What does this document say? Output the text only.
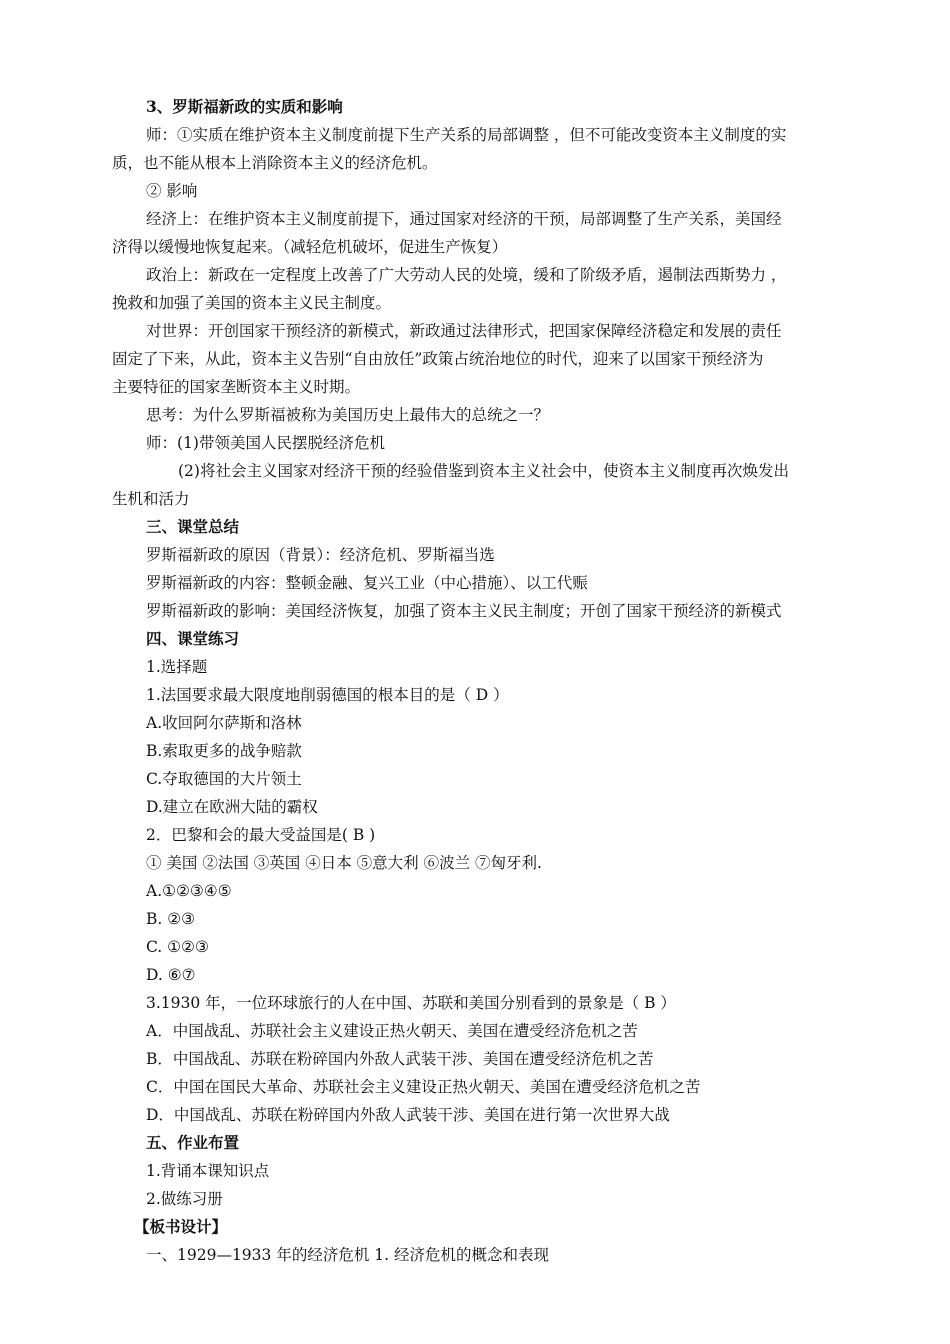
3、罗斯福新政的实质和影响
师：①实质在维护资本主义制度前提下生产关系的局部调整 ，但不可能改变资本主义制度的实
质，也不能从根本上消除资本主义的经济危机。
② 影响
经济上：在维护资本主义制度前提下，通过国家对经济的干预，局部调整了生产关系，美国经
济得以缓慢地恢复起来。（减轻危机破坏，促进生产恢复）
政治上：新政在一定程度上改善了广大劳动人民的处境，缓和了阶级矛盾，遏制法西斯势力 ，
挽救和加强了美国的资本主义民主制度。
对世界：开创国家干预经济的新模式，新政通过法律形式，把国家保障经济稳定和发展的责任
固定了下来，从此，资本主义告别“自由放任”政策占统治地位的时代，迎来了以国家干预经济为
主要特征的国家垄断资本主义时期。
思考：为什么罗斯福被称为美国历史上最伟大的总统之一？
师：(1)带领美国人民摆脱经济危机
(2)将社会主义国家对经济干预的经验借鉴到资本主义社会中，使资本主义制度再次焕发出
生机和活力
三、课堂总结
罗斯福新政的原因（背景）：经济危机、罗斯福当选
罗斯福新政的内容：整顿金融、复兴工业（中心措施）、以工代赈
罗斯福新政的影响：美国经济恢复，加强了资本主义民主制度；开创了国家干预经济的新模式
四、课堂练习
1.选择题
1.法国要求最大限度地削弱德国的根本目的是（ D ）
A.收回阿尔萨斯和洛林
B.索取更多的战争赔款
C.夺取德国的大片领土
D.建立在欧洲大陆的霸权
2．巴黎和会的最大受益国是( B )
① 美国 ②法国 ③英国 ④日本 ⑤意大利 ⑥波兰 ⑦匈牙利.
A.①②③④⑤
B. ②③
C. ①②③
D. ⑥⑦
3.1930 年，一位环球旅行的人在中国、苏联和美国分别看到的景象是（ B ）
A．中国战乱、苏联社会主义建设正热火朝天、美国在遭受经济危机之苦
B．中国战乱、苏联在粉碎国内外敌人武装干涉、美国在遭受经济危机之苦
C．中国在国民大革命、苏联社会主义建设正热火朝天、美国在遭受经济危机之苦
D．中国战乱、苏联在粉碎国内外敌人武装干涉、美国在进行第一次世界大战
五、作业布置
1.背诵本课知识点
2.做练习册
【板书设计】
一、1929—1933 年的经济危机 1. 经济危机的概念和表现
